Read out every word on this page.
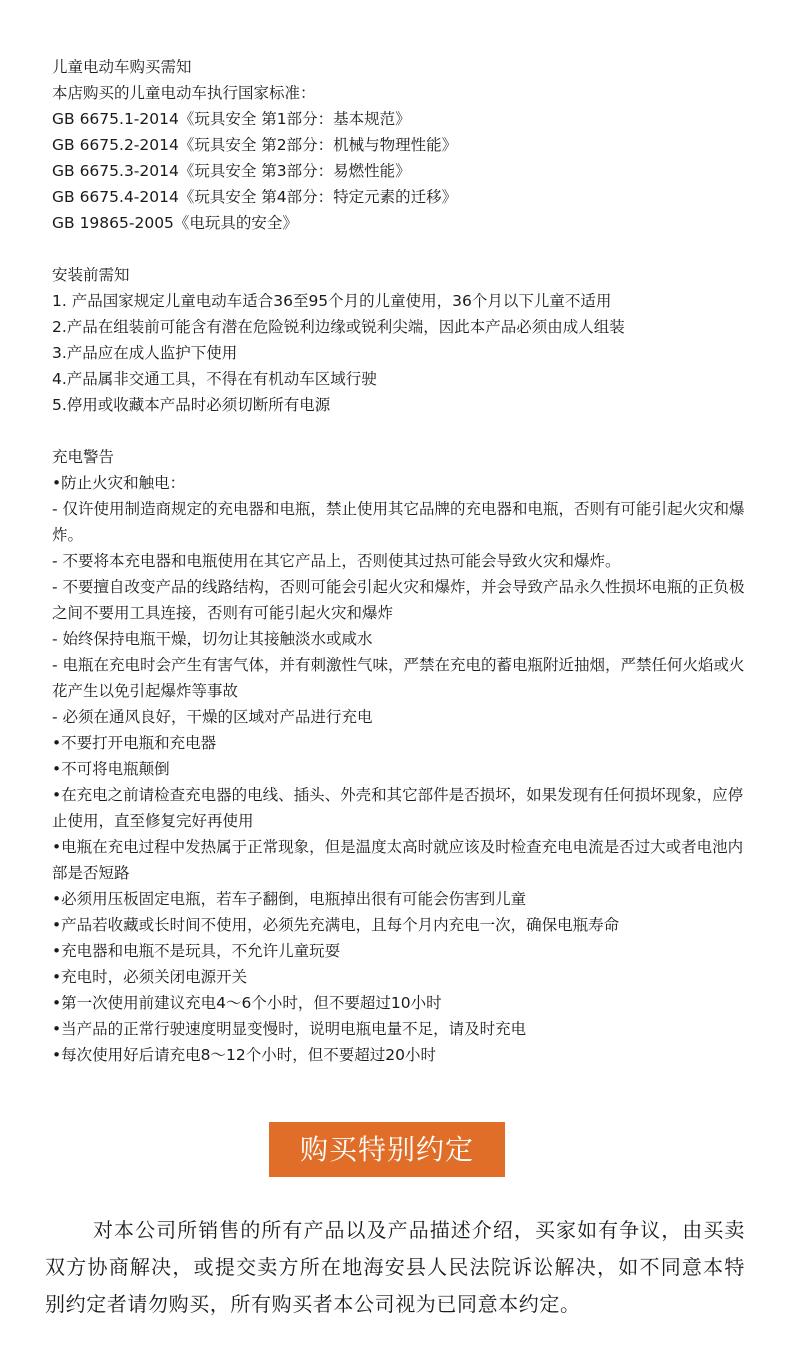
儿童电动车购买需知

本店购买的儿童电动车执行国家标准：

GB 6675.1-2014《玩具安全 第1部分：基本规范》

GB 6675.2-2014《玩具安全 第2部分：机械与物理性能》

GB 6675.3-2014《玩具安全 第3部分：易燃性能》

GB 6675.4-2014《玩具安全 第4部分：特定元素的迁移》

GB 19865-2005《电玩具的安全》

安装前需知

1. 产品国家规定儿童电动车适合36至95个月的儿童使用，36个月以下儿童不适用

2.产品在组装前可能含有潜在危险锐利边缘或锐利尖端，因此本产品必须由成人组装

3.产品应在成人监护下使用

4.产品属非交通工具，不得在有机动车区域行驶

5.停用或收藏本产品时必须切断所有电源

充电警告

•防止火灾和触电：

- 仅许使用制造商规定的充电器和电瓶，禁止使用其它品牌的充电器和电瓶，否则有可能引起火灾和爆炸。

- 不要将本充电器和电瓶使用在其它产品上，否则使其过热可能会导致火灾和爆炸。

- 不要擅自改变产品的线路结构，否则可能会引起火灾和爆炸，并会导致产品永久性损坏电瓶的正负极之间不要用工具连接，否则有可能引起火灾和爆炸

- 始终保持电瓶干燥，切勿让其接触淡水或咸水

- 电瓶在充电时会产生有害气体，并有刺激性气味，严禁在充电的蓄电瓶附近抽烟，严禁任何火焰或火花产生以免引起爆炸等事故

- 必须在通风良好，干燥的区域对产品进行充电

•不要打开电瓶和充电器

•不可将电瓶颠倒

•在充电之前请检查充电器的电线、插头、外壳和其它部件是否损坏，如果发现有任何损坏现象，应停止使用，直至修复完好再使用

•电瓶在充电过程中发热属于正常现象，但是温度太高时就应该及时检查充电电流是否过大或者电池内部是否短路

•必须用压板固定电瓶，若车子翻倒，电瓶掉出很有可能会伤害到儿童

•产品若收藏或长时间不使用，必须先充满电，且每个月内充电一次，确保电瓶寿命

•充电器和电瓶不是玩具，不允许儿童玩耍

•充电时，必须关闭电源开关

•第一次使用前建议充电4～6个小时，但不要超过10小时

•当产品的正常行驶速度明显变慢时，说明电瓶电量不足，请及时充电

•每次使用好后请充电8～12个小时，但不要超过20小时

购买特别约定

对本公司所销售的所有产品以及产品描述介绍，买家如有争议，由买卖双方协商解决，或提交卖方所在地海安县人民法院诉讼解决，如不同意本特别约定者请勿购买，所有购买者本公司视为已同意本约定。
